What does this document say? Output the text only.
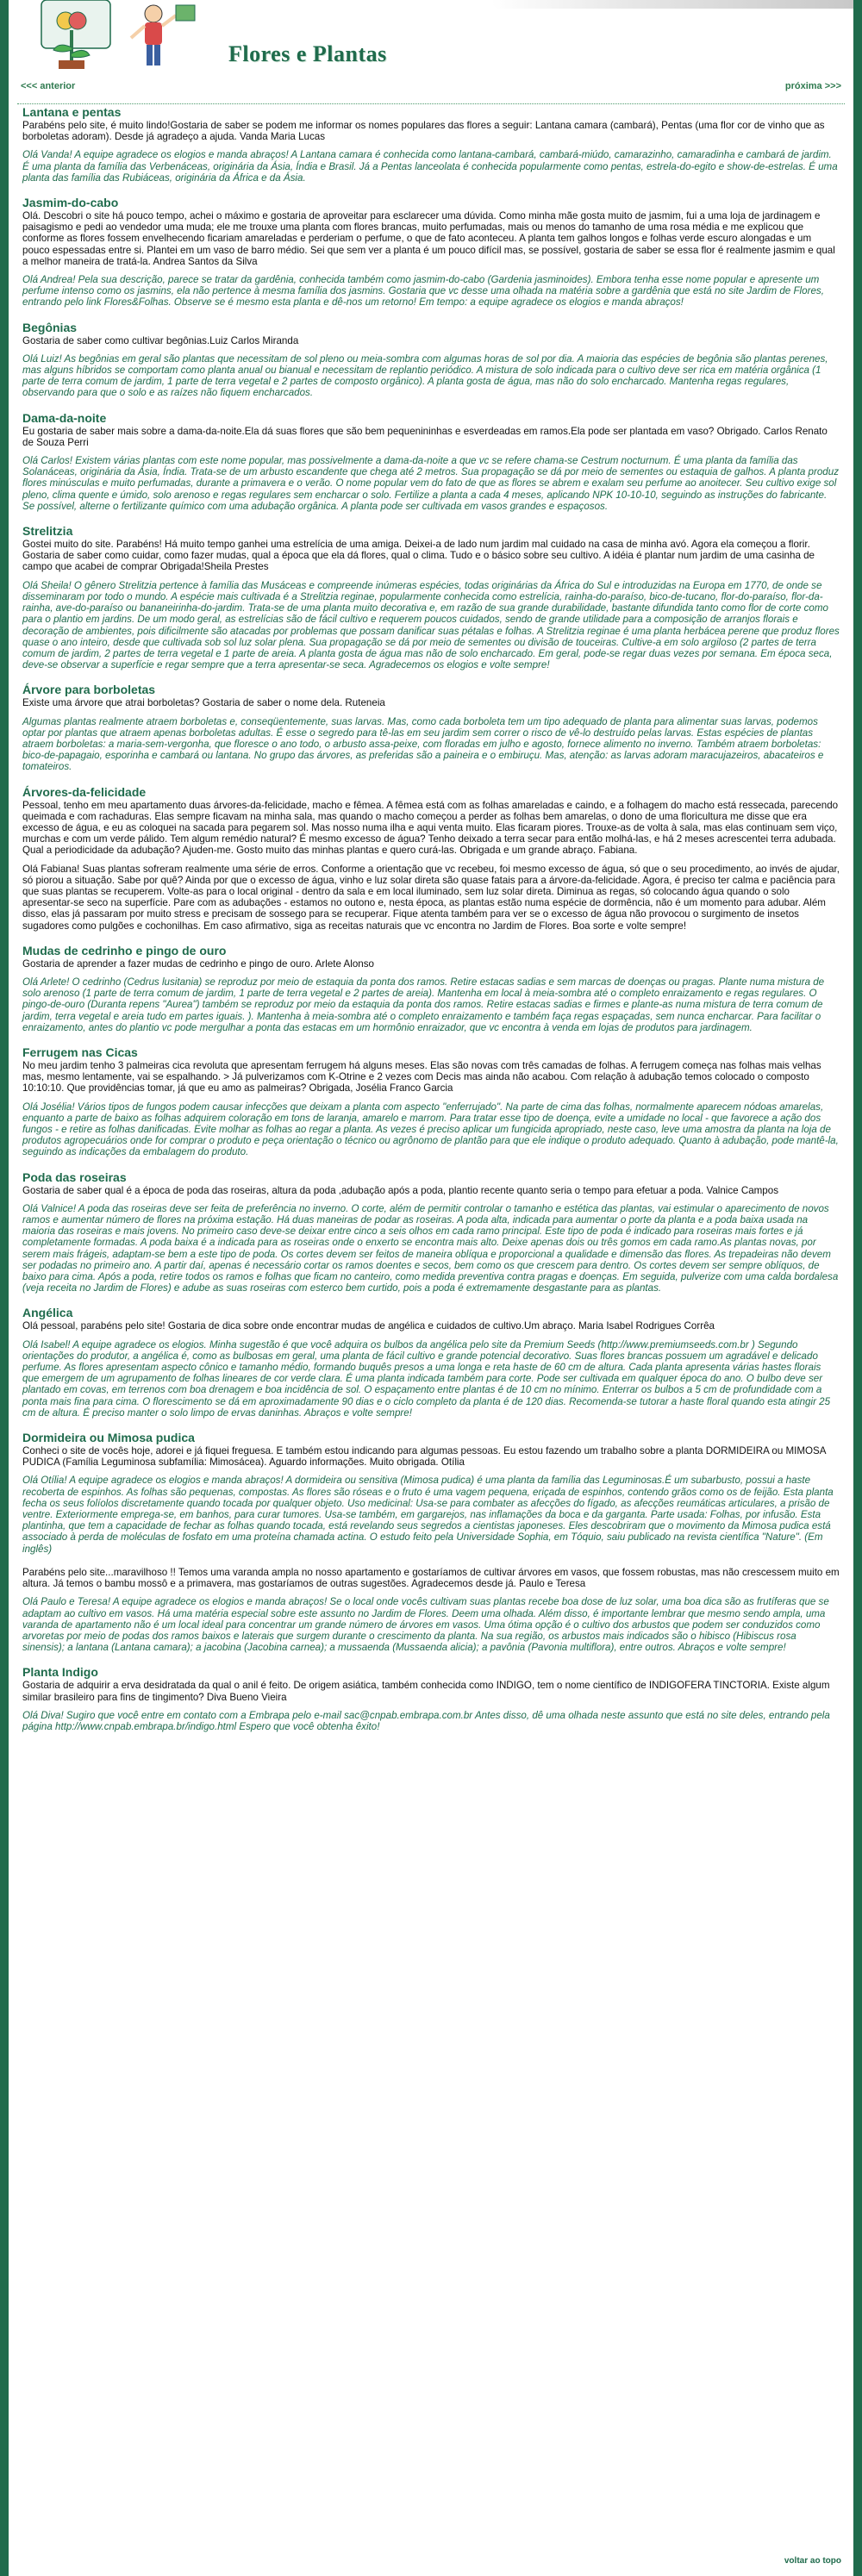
Flores e Plantas
<<< anterior	próxima >>>
Lantana e pentas

Parabéns pelo site, é muito lindo!Gostaria de saber se podem me informar os nomes populares das flores a seguir: Lantana camara (cambará), Pentas (uma flor cor de vinho que as borboletas adoram). Desde já agradeço a ajuda. Vanda Maria Lucas

Olá Vanda! A equipe agradece os elogios e manda abraços! A Lantana camara é conhecida como lantana-cambará, cambará-miúdo, camarazinho, camaradinha e cambará de jardim. É uma planta da família das Verbenáceas, originária da Ásia, Índia e Brasil. Já a Pentas lanceolata é conhecida popularmente como pentas, estrela-do-egito e show-de-estrelas. É uma planta das família das Rubiáceas, originária da África e da Ásia.

Jasmim-do-cabo

Olá. Descobri o site há pouco tempo, achei o máximo e gostaria de aproveitar para esclarecer uma dúvida. Como minha mãe gosta muito de jasmim, fui a uma loja de jardinagem e paisagismo e pedi ao vendedor uma muda; ele me trouxe uma planta com flores brancas, muito perfumadas, mais ou menos do tamanho de uma rosa média e me explicou que conforme as flores fossem envelhecendo ficariam amareladas e perderiam o perfume, o que de fato aconteceu. A planta tem galhos longos e folhas verde escuro alongadas e um pouco espessadas entre si. Plantei em um vaso de barro médio. Sei que sem ver a planta é um pouco difícil mas, se possível, gostaria de saber se essa flor é realmente jasmim e qual a melhor maneira de tratá-la. Andrea Santos da Silva

Olá Andrea! Pela sua descrição, parece se tratar da gardênia, conhecida também como jasmim-do-cabo (Gardenia jasminoides). Embora tenha esse nome popular e apresente um perfume intenso como os jasmins, ela não pertence à mesma família dos jasmins. Gostaria que vc desse uma olhada na matéria sobre a gardênia que está no site Jardim de Flores, entrando pelo link Flores&Folhas. Observe se é mesmo esta planta e dê-nos um retorno! Em tempo: a equipe agradece os elogios e manda abraços!

Begônias

Gostaria de saber como cultivar begônias.Luiz Carlos Miranda

Olá Luiz! As begônias em geral são plantas que necessitam de sol pleno ou meia-sombra com algumas horas de sol por dia. A maioria das espécies de begônia são plantas perenes, mas alguns híbridos se comportam como planta anual ou bianual e necessitam de replantio periódico. A mistura de solo indicada para o cultivo deve ser rica em matéria orgânica (1 parte de terra comum de jardim, 1 parte de terra vegetal e 2 partes de composto orgânico). A planta gosta de água, mas não do solo encharcado. Mantenha regas regulares, observando para que o solo e as raízes não fiquem encharcados.

Dama-da-noite

Eu gostaria de saber mais sobre a dama-da-noite.Ela dá suas flores que são bem pequenininhas e esverdeadas em ramos.Ela pode ser plantada em vaso? Obrigado. Carlos Renato de Souza Perri

Olá Carlos! Existem várias plantas com este nome popular, mas possivelmente a dama-da-noite a que vc se refere chama-se Cestrum nocturnum. É uma planta da família das Solanáceas, originária da Ásia, Índia. Trata-se de um arbusto escandente que chega até 2 metros. Sua propagação se dá por meio de sementes ou estaquia de galhos. A planta produz flores minúsculas e muito perfumadas, durante a primavera e o verão. O nome popular vem do fato de que as flores se abrem e exalam seu perfume ao anoitecer. Seu cultivo exige sol pleno, clima quente e úmido, solo arenoso e regas regulares sem encharcar o solo. Fertilize a planta a cada 4 meses, aplicando NPK 10-10-10, seguindo as instruções do fabricante. Se possível, alterne o fertilizante químico com uma adubação orgânica. A planta pode ser cultivada em vasos grandes e espaçosos.

Strelitzia

Gostei muito do site. Parabéns! Há muito tempo ganhei uma estrelícia de uma amiga. Deixei-a de lado num jardim mal cuidado na casa de minha avó. Agora ela começou a florir. Gostaria de saber como cuidar, como fazer mudas, qual a época que ela dá flores, qual o clima. Tudo e o básico sobre seu cultivo. A idéia é plantar num jardim de uma casinha de campo que acabei de comprar Obrigada!Sheila Prestes

Olá Sheila! O gênero Strelitzia pertence à família das Musáceas e compreende inúmeras espécies, todas originárias da África do Sul e introduzidas na Europa em 1770, de onde se disseminaram por todo o mundo. A espécie mais cultivada é a Strelitzia reginae, popularmente conhecida como estrelícia, rainha-do-paraíso, bico-de-tucano, flor-do-paraíso, flor-da-rainha, ave-do-paraíso ou bananeirinha-do-jardim. Trata-se de uma planta muito decorativa e, em razão de sua grande durabilidade, bastante difundida tanto como flor de corte como para o plantio em jardins. De um modo geral, as estrelícias são de fácil cultivo e requerem poucos cuidados, sendo de grande utilidade para a composição de arranjos florais e decoração de ambientes, pois dificilmente são atacadas por problemas que possam danificar suas pétalas e folhas. A Strelitzia reginae é uma planta herbácea perene que produz flores quase o ano inteiro, desde que cultivada sob sol luz solar plena. Sua propagação se dá por meio de sementes ou divisão de touceiras. Cultive-a em solo argiloso (2 partes de terra comum de jardim, 2 partes de terra vegetal e 1 parte de areia. A planta gosta de água mas não de solo encharcado. Em geral, pode-se regar duas vezes por semana. Em época seca, deve-se observar a superfície e regar sempre que a terra apresentar-se seca. Agradecemos os elogios e volte sempre!

Árvore para borboletas

Existe uma árvore que atrai borboletas? Gostaria de saber o nome dela. Ruteneia

Algumas plantas realmente atraem borboletas e, conseqüentemente, suas larvas. Mas, como cada borboleta tem um tipo adequado de planta para alimentar suas larvas, podemos optar por plantas que atraem apenas borboletas adultas. É esse o segredo para tê-las em seu jardim sem correr o risco de vê-lo destruído pelas larvas. Estas espécies de plantas atraem borboletas: a maria-sem-vergonha, que floresce o ano todo, o arbusto assa-peixe, com floradas em julho e agosto, fornece alimento no inverno. Também atraem borboletas: bico-de-papagaio, esporinha e cambará ou lantana. No grupo das árvores, as preferidas são a paineira e o embiruçu. Mas, atenção: as larvas adoram maracujazeiros, abacateiros e tomateiros.

Árvores-da-felicidade

Pessoal, tenho em meu apartamento duas árvores-da-felicidade, macho e fêmea. A fêmea está com as folhas amareladas e caindo, e a folhagem do macho está ressecada, parecendo queimada e com rachaduras. Elas sempre ficavam na minha sala, mas quando o macho começou a perder as folhas bem amarelas, o dono de uma floricultura me disse que era excesso de água, e eu as coloquei na sacada para pegarem sol. Mas nosso numa ilha e aqui venta muito. Elas ficaram piores. Trouxe-as de volta à sala, mas elas continuam sem viço, murchas e com um verde pálido. Tem algum remédio natural? É mesmo excesso de água? Tenho deixado a terra secar para então molhá-las, e há 2 meses acrescentei terra adubada. Qual a periodicidade da adubação? Ajuden-me. Gosto muito das minhas plantas e quero curá-las. Obrigada e um grande abraço. Fabiana.

Olá Fabiana! Suas plantas sofreram realmente uma série de erros. Conforme a orientação que vc recebeu, foi mesmo excesso de água, só que o seu procedimento, ao invés de ajudar, só piorou a situação. Sabe por quê? Ainda por que o excesso de água, vinho e luz solar direta são quase fatais para a árvore-da-felicidade. Agora, é preciso ter calma e paciência para que suas plantas se recuperem. Volte-as para o local original - dentro da sala e em local iluminado, sem luz solar direta. Diminua as regas, só colocando água quando o solo apresentar-se seco na superfície. Pare com as adubações - estamos no outono e, nesta época, as plantas estão numa espécie de dormência, não é um momento para adubar. Além disso, elas já passaram por muito stress e precisam de sossego para se recuperar. Fique atenta também para ver se o excesso de água não provocou o surgimento de insetos sugadores como pulgões e cochonilhas. Em caso afirmativo, siga as receitas naturais que vc encontra no Jardim de Flores. Boa sorte e volte sempre!

Mudas de cedrinho e pingo de ouro

Gostaria de aprender a fazer mudas de cedrinho e pingo de ouro. Arlete Alonso

Olá Arlete! O cedrinho (Cedrus lusitania) se reproduz por meio de estaquia da ponta dos ramos. Retire estacas sadias e sem marcas de doenças ou pragas. Plante numa mistura de solo arenoso (1 parte de terra comum de jardim, 1 parte de terra vegetal e 2 partes de areia). Mantenha em local à meia-sombra até o completo enraizamento e regas regulares. O pingo-de-ouro (Duranta repens "Aurea") também se reproduz por meio da estaquia da ponta dos ramos. Retire estacas sadias e firmes e plante-as numa mistura de terra comum de jardim, terra vegetal e areia tudo em partes iguais. ). Mantenha à meia-sombra até o completo enraizamento e também faça regas espaçadas, sem nunca encharcar. Para facilitar o enraizamento, antes do plantio vc pode mergulhar a ponta das estacas em um hormônio enraizador, que vc encontra à venda em lojas de produtos para jardinagem.

Ferrugem nas Cicas

No meu jardim tenho 3 palmeiras cica revoluta que apresentam ferrugem há alguns meses. Elas são novas com três camadas de folhas. A ferrugem começa nas folhas mais velhas mas, mesmo lentamente, vai se espalhando. > Já pulverizamos com K-Otrine e 2 vezes com Decis mas ainda não acabou. Com relação à adubação temos colocado o composto 10:10:10. Que providências tomar, já que eu amo as palmeiras? Obrigada, Josélia Franco Garcia

Olá Josélia! Vários tipos de fungos podem causar infecções que deixam a planta com aspecto "enferrujado". Na parte de cima das folhas, normalmente aparecem nódoas amarelas, enquanto a parte de baixo as folhas adquirem coloração em tons de laranja, amarelo e marrom. Para tratar esse tipo de doença, evite a umidade no local - que favorece a ação dos fungos - e retire as folhas danificadas. Evite molhar as folhas ao regar a planta. As vezes é preciso aplicar um fungicida apropriado, neste caso, leve uma amostra da planta na loja de produtos agropecuários onde for comprar o produto e peça orientação o técnico ou agrônomo de plantão para que ele indique o produto adequado. Quanto à adubação, pode mantê-la, seguindo as indicações da embalagem do produto.

Poda das roseiras

Gostaria de saber qual é a época de poda das roseiras, altura da poda ,adubação após a poda, plantio recente quanto seria o tempo para efetuar a poda. Valnice Campos

Olá Valnice! A poda das roseiras deve ser feita de preferência no inverno. O corte, além de permitir controlar o tamanho e estética das plantas, vai estimular o aparecimento de novos ramos e aumentar número de flores na próxima estação. Há duas maneiras de podar as roseiras. A poda alta, indicada para aumentar o porte da planta e a poda baixa usada na maioria das roseiras e mais jovens. No primeiro caso deve-se deixar entre cinco a seis olhos em cada ramo principal. Este tipo de poda é indicado para roseiras mais fortes e já completamente formadas. A poda baixa é a indicada para as roseiras onde o enxerto se encontra mais alto. Deixe apenas dois ou três gomos em cada ramo.As plantas novas, por serem mais frágeis, adaptam-se bem a este tipo de poda. Os cortes devem ser feitos de maneira oblíqua e proporcional a qualidade e dimensão das flores. As trepadeiras não devem ser podadas no primeiro ano. A partir daí, apenas é necessário cortar os ramos doentes e secos, bem como os que crescem para dentro. Os cortes devem ser sempre oblíquos, de baixo para cima. Após a poda, retire todos os ramos e folhas que ficam no canteiro, como medida preventiva contra pragas e doenças. Em seguida, pulverize com uma calda bordalesa (veja receita no Jardim de Flores) e adube as suas roseiras com esterco bem curtido, pois a poda é extremamente desgastante para as plantas.

Angélica

Olá pessoal, parabéns pelo site! Gostaria de dica sobre onde encontrar mudas de angélica e cuidados de cultivo.Um abraço. Maria Isabel Rodrigues Corrêa

Olá Isabel! A equipe agradece os elogios. Minha sugestão é que você adquira os bulbos da angélica pelo site da Premium Seeds (http://www.premiumseeds.com.br ) Segundo orientações do produtor, a angélica é, como as bulbosas em geral, uma planta de fácil cultivo e grande potencial decorativo. Suas flores brancas possuem um agradável e delicado perfume. As flores apresentam aspecto cônico e tamanho médio, formando buquês presos a uma longa e reta haste de 60 cm de altura. Cada planta apresenta várias hastes florais que emergem de um agrupamento de folhas lineares de cor verde clara. É uma planta indicada também para corte. Pode ser cultivada em qualquer época do ano. O bulbo deve ser plantado em covas, em terrenos com boa drenagem e boa incidência de sol. O espaçamento entre plantas é de 10 cm no mínimo. Enterrar os bulbos a 5 cm de profundidade com a ponta mais fina para cima. O florescimento se dá em aproximadamente 90 dias e o ciclo completo da planta é de 120 dias. Recomenda-se tutorar a haste floral quando esta atingir 25 cm de altura. É preciso manter o solo limpo de ervas daninhas. Abraços e volte sempre!

Dormideira ou Mimosa pudica

Conheci o site de vocês hoje, adorei e já fiquei freguesa. E também estou indicando para algumas pessoas. Eu estou fazendo um trabalho sobre a planta DORMIDEIRA ou MIMOSA PUDICA (Família Leguminosa subfamília: Mimosácea). Aguardo informações. Muito obrigada. Otília

Olá Otília! A equipe agradece os elogios e manda abraços! A dormideira ou sensitiva (Mimosa pudica) é uma planta da família das Leguminosas.É um subarbusto, possui a haste recoberta de espinhos. As folhas são pequenas, compostas. As flores são róseas e o fruto é uma vagem pequena, eriçada de espinhos, contendo grãos como os de feijão. Esta planta fecha os seus folíolos discretamente quando tocada por qualquer objeto. Uso medicinal: Usa-se para combater as afecções do fígado, as afecções reumáticas articulares, a prisão de ventre. Exteriormente emprega-se, em banhos, para curar tumores. Usa-se também, em gargarejos, nas inflamações da boca e da garganta. Parte usada: Folhas, por infusão. Esta plantinha, que tem a capacidade de fechar as folhas quando tocada, está revelando seus segredos a cientistas japoneses. Eles descobriram que o movimento da Mimosa pudica está associado à perda de moléculas de fosfato em uma proteína chamada actina. O estudo feito pela Universidade Sophia, em Tóquio, saiu publicado na revista científica "Nature". (Em inglês)

Parabéns pelo site...maravilhoso !! Temos uma varanda ampla no nosso apartamento e gostaríamos de cultivar árvores em vasos, que fossem robustas, mas não crescessem muito em altura. Já temos o bambu mossô e a primavera, mas gostaríamos de outras sugestões. Agradecemos desde já. Paulo e Teresa

Olá Paulo e Teresa! A equipe agradece os elogios e manda abraços! Se o local onde vocês cultivam suas plantas recebe boa dose de luz solar, uma boa dica são as frutíferas que se adaptam ao cultivo em vasos. Há uma matéria especial sobre este assunto no Jardim de Flores. Deem uma olhada. Além disso, é importante lembrar que mesmo sendo ampla, uma varanda de apartamento não é um local ideal para concentrar um grande número de árvores em vasos. Uma ótima opção é o cultivo dos arbustos que podem ser conduzidos como arvoretas por meio de podas dos ramos baixos e laterais que surgem durante o crescimento da planta. Na sua região, os arbustos mais indicados são o hibisco (Hibiscus rosa sinensis); a lantana (Lantana camara); a jacobina (Jacobina carnea); a mussaenda (Mussaenda alicia); a pavônia (Pavonia multiflora), entre outros. Abraços e volte sempre!

Planta Indigo

Gostaria de adquirir a erva desidratada da qual o anil é feito. De origem asiática, também conhecida como INDIGO, tem o nome científico de INDIGOFERA TINCTORIA. Existe algum similar brasileiro para fins de tingimento? Diva Bueno Vieira

Olá Diva! Sugiro que você entre em contato com a Embrapa pelo e-mail sac@cnpab.embrapa.com.br Antes disso, dê uma olhada neste assunto que está no site deles, entrando pela página http://www.cnpab.embrapa.br/indigo.html Espero que você obtenha êxito!

voltar ao topo
